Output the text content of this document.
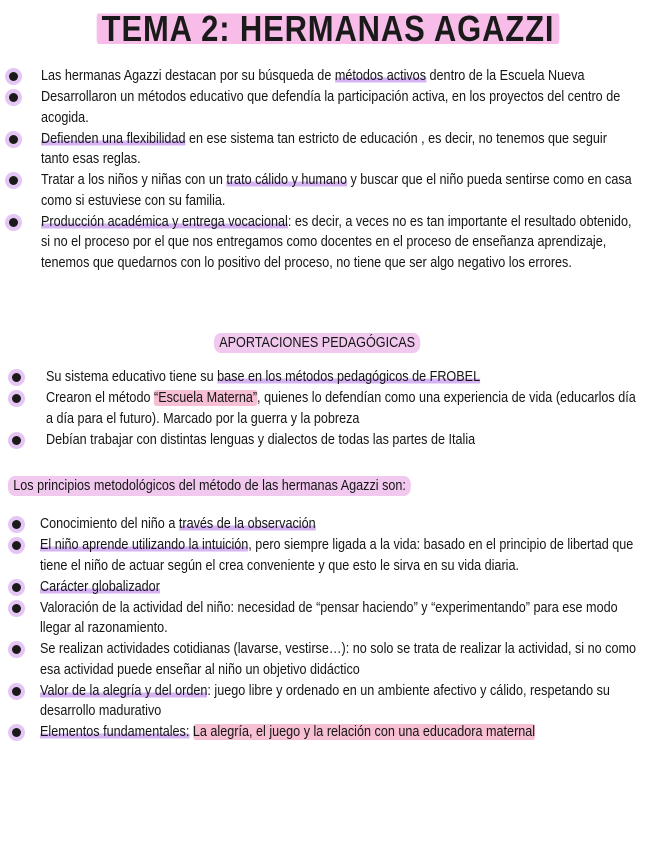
TEMA 2: HERMANAS AGAZZI
Las hermanas Agazzi destacan por su búsqueda de métodos activos dentro de la Escuela Nueva
Desarrollaron un métodos educativo que defendía la participación activa, en los proyectos del centro de acogida.
Defienden una flexibilidad en ese sistema tan estricto de educación , es decir, no tenemos que seguir tanto esas reglas.
Tratar a los niños y niñas con un trato cálido y humano y buscar que el niño pueda sentirse como en casa como si estuviese con su familia.
Producción académica y entrega vocacional: es decir, a veces no es tan importante el resultado obtenido, si no el proceso por el que nos entregamos como docentes en el proceso de enseñanza aprendizaje, tenemos que quedarnos con lo positivo del proceso, no tiene que ser algo negativo los errores.
APORTACIONES PEDAGÓGICAS
Su sistema educativo tiene su base en los métodos pedagógicos de FROBEL
Crearon el método “Escuela Materna”, quienes lo defendían como una experiencia de vida (educarlos día a día para el futuro). Marcado por la guerra y la pobreza
Debían trabajar con distintas lenguas y dialectos de todas las partes de Italia
Los principios metodológicos del método de las hermanas Agazzi son:
Conocimiento del niño a través de la observación
El niño aprende utilizando la intuición, pero siempre ligada a la vida: basado en el principio de libertad que tiene el niño de actuar según el crea conveniente y que esto le sirva en su vida diaria.
Carácter globalizador
Valoración de la actividad del niño: necesidad de “pensar haciendo” y “experimentando” para ese modo llegar al razonamiento.
Se realizan actividades cotidianas (lavarse, vestirse…): no solo se trata de realizar la actividad, si no como esa actividad puede enseñar al niño un objetivo didáctico
Valor de la alegría y del orden: juego libre y ordenado en un ambiente afectivo y cálido, respetando su desarrollo madurativo
Elementos fundamentales: La alegría, el juego y la relación con una educadora maternal
